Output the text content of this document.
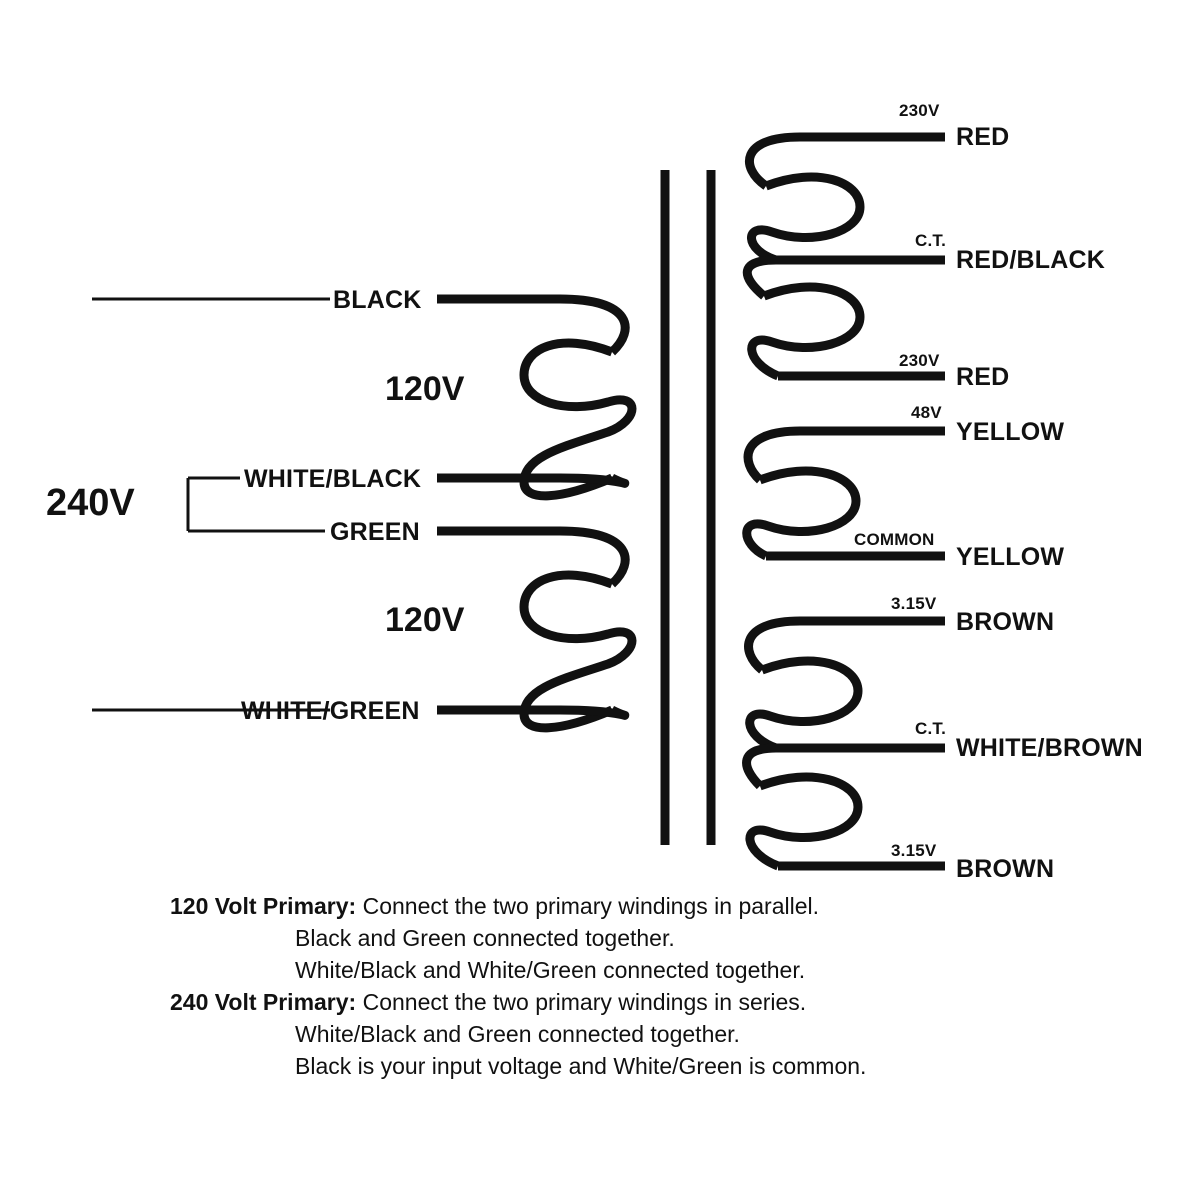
240V
BLACK
120V
WHITE/BLACK
GREEN
120V
WHITE/GREEN
230V
RED
C.T.
RED/BLACK
230V
RED
48V
YELLOW
COMMON
YELLOW
3.15V
BROWN
C.T.
WHITE/BROWN
3.15V
BROWN
120 Volt Primary: Connect the two primary windings in parallel.
Black and Green connected together.
White/Black and White/Green connected together.
240 Volt Primary: Connect the two primary windings in series.
White/Black and Green connected together.
Black is your input voltage and White/Green is common.
